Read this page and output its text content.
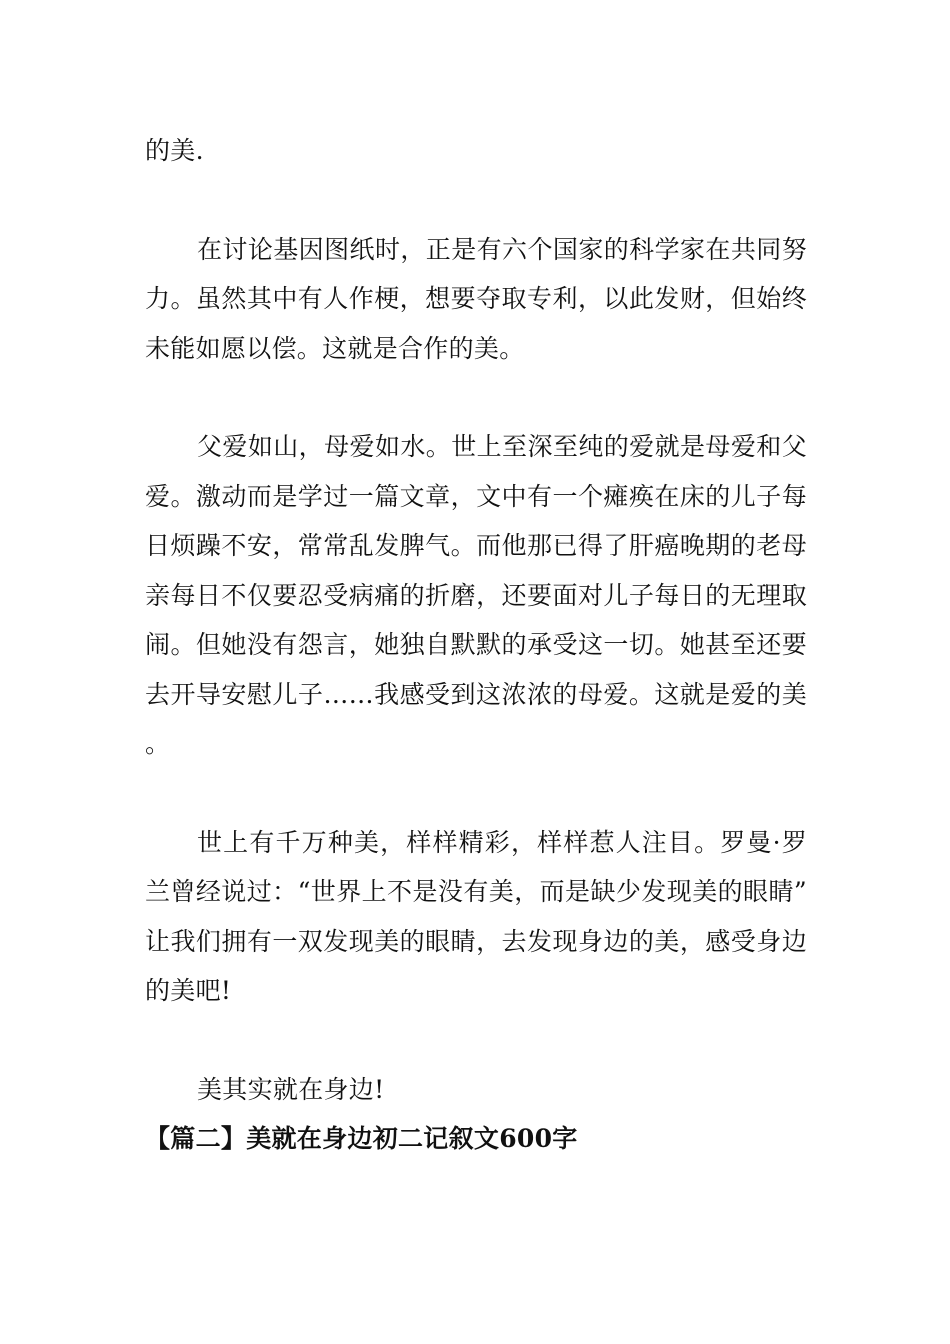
的美.

在讨论基因图纸时，正是有六个国家的科学家在共同努力。虽然其中有人作梗，想要夺取专利，以此发财，但始终未能如愿以偿。这就是合作的美。

父爱如山，母爱如水。世上至深至纯的爱就是母爱和父爱。激动而是学过一篇文章，文中有一个瘫痪在床的儿子每日烦躁不安，常常乱发脾气。而他那已得了肝癌晚期的老母亲每日不仅要忍受病痛的折磨，还要面对儿子每日的无理取闹。但她没有怨言，她独自默默的承受这一切。她甚至还要去开导安慰儿子……我感受到这浓浓的母爱。这就是爱的美。

世上有千万种美，样样精彩，样样惹人注目。罗曼·罗兰曾经说过：“世界上不是没有美，而是缺少发现美的眼睛”让我们拥有一双发现美的眼睛，去发现身边的美，感受身边的美吧!

美其实就在身边!

【篇二】美就在身边初二记叙文600字
